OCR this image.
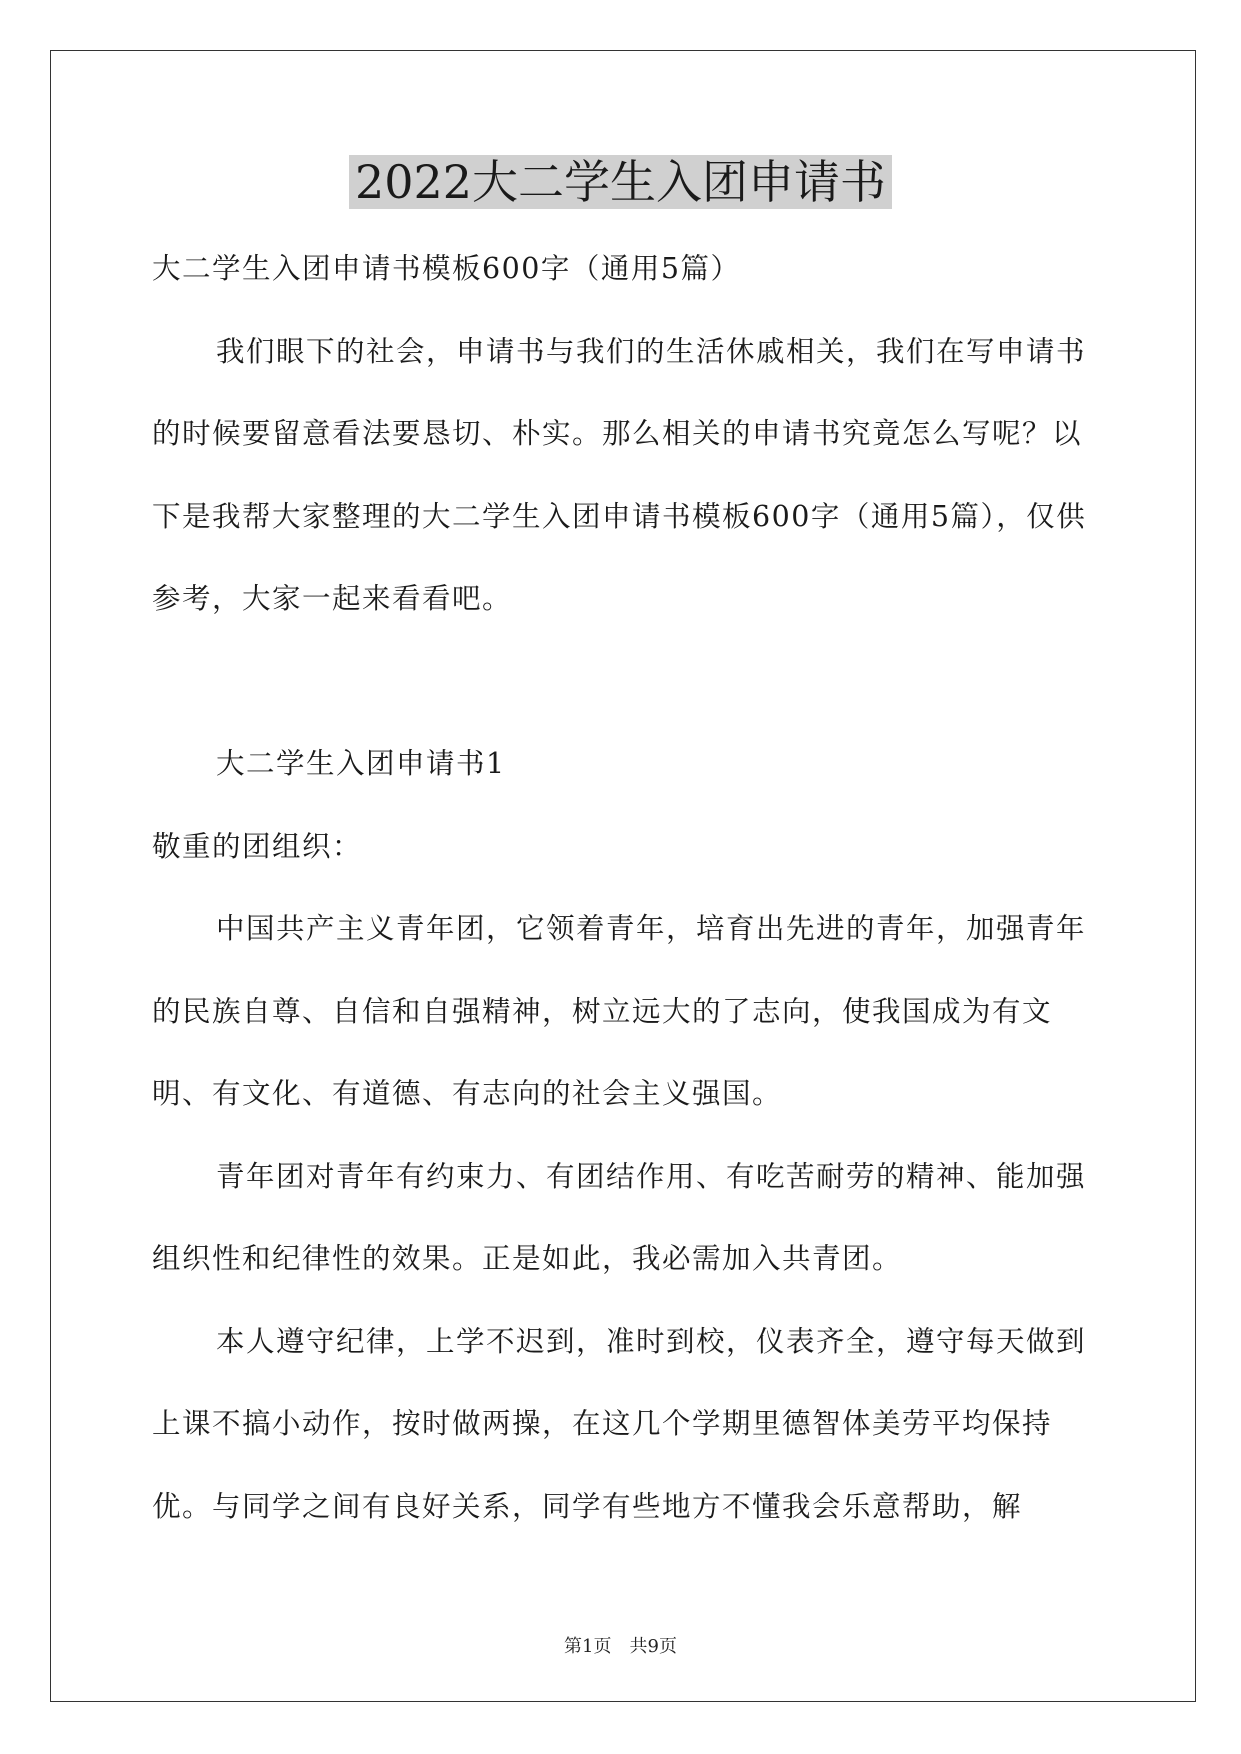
2022大二学生入团申请书

大二学生入团申请书模板600字（通用5篇）

我们眼下的社会，申请书与我们的生活休戚相关，我们在写申请书的时候要留意看法要恳切、朴实。那么相关的申请书究竟怎么写呢？以下是我帮大家整理的大二学生入团申请书模板600字（通用5篇），仅供参考，大家一起来看看吧。

大二学生入团申请书1

敬重的团组织：

中国共产主义青年团，它领着青年，培育出先进的青年，加强青年的民族自尊、自信和自强精神，树立远大的了志向，使我国成为有文明、有文化、有道德、有志向的社会主义强国。

青年团对青年有约束力、有团结作用、有吃苦耐劳的精神、能加强组织性和纪律性的效果。正是如此，我必需加入共青团。

本人遵守纪律，上学不迟到，准时到校，仪表齐全，遵守每天做到上课不搞小动作，按时做两操，在这几个学期里德智体美劳平均保持优。与同学之间有良好关系，同学有些地方不懂我会乐意帮助，解

第1页　共9页
